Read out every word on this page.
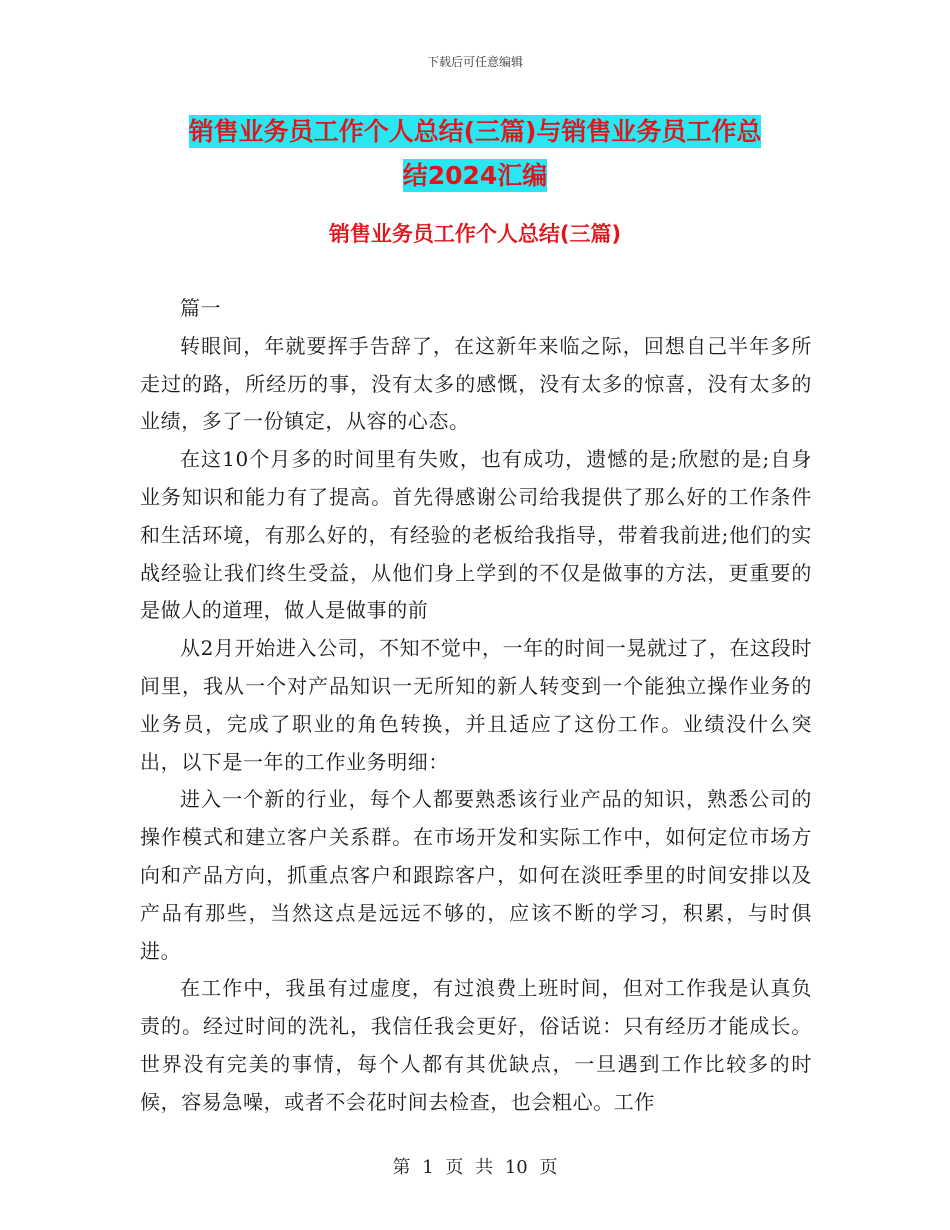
下载后可任意编辑
销售业务员工作个人总结(三篇)与销售业务员工作总
结2024汇编
销售业务员工作个人总结(三篇)

篇一

转眼间，年就要挥手告辞了，在这新年来临之际，回想自己半年多所走过的路，所经历的事，没有太多的感慨，没有太多的惊喜，没有太多的业绩，多了一份镇定，从容的心态。

在这10个月多的时间里有失败，也有成功，遗憾的是;欣慰的是;自身业务知识和能力有了提高。首先得感谢公司给我提供了那么好的工作条件和生活环境，有那么好的，有经验的老板给我指导，带着我前进;他们的实战经验让我们终生受益，从他们身上学到的不仅是做事的方法，更重要的是做人的道理，做人是做事的前

从2月开始进入公司，不知不觉中，一年的时间一晃就过了，在这段时间里，我从一个对产品知识一无所知的新人转变到一个能独立操作业务的业务员，完成了职业的角色转换，并且适应了这份工作。业绩没什么突出，以下是一年的工作业务明细：

进入一个新的行业，每个人都要熟悉该行业产品的知识，熟悉公司的操作模式和建立客户关系群。在市场开发和实际工作中，如何定位市场方向和产品方向，抓重点客户和跟踪客户，如何在淡旺季里的时间安排以及产品有那些，当然这点是远远不够的，应该不断的学习，积累，与时俱进。

在工作中，我虽有过虚度，有过浪费上班时间，但对工作我是认真负责的。经过时间的洗礼，我信任我会更好，俗话说：只有经历才能成长。世界没有完美的事情，每个人都有其优缺点，一旦遇到工作比较多的时候，容易急噪，或者不会花时间去检查，也会粗心。工作

第 1 页 共 10 页
